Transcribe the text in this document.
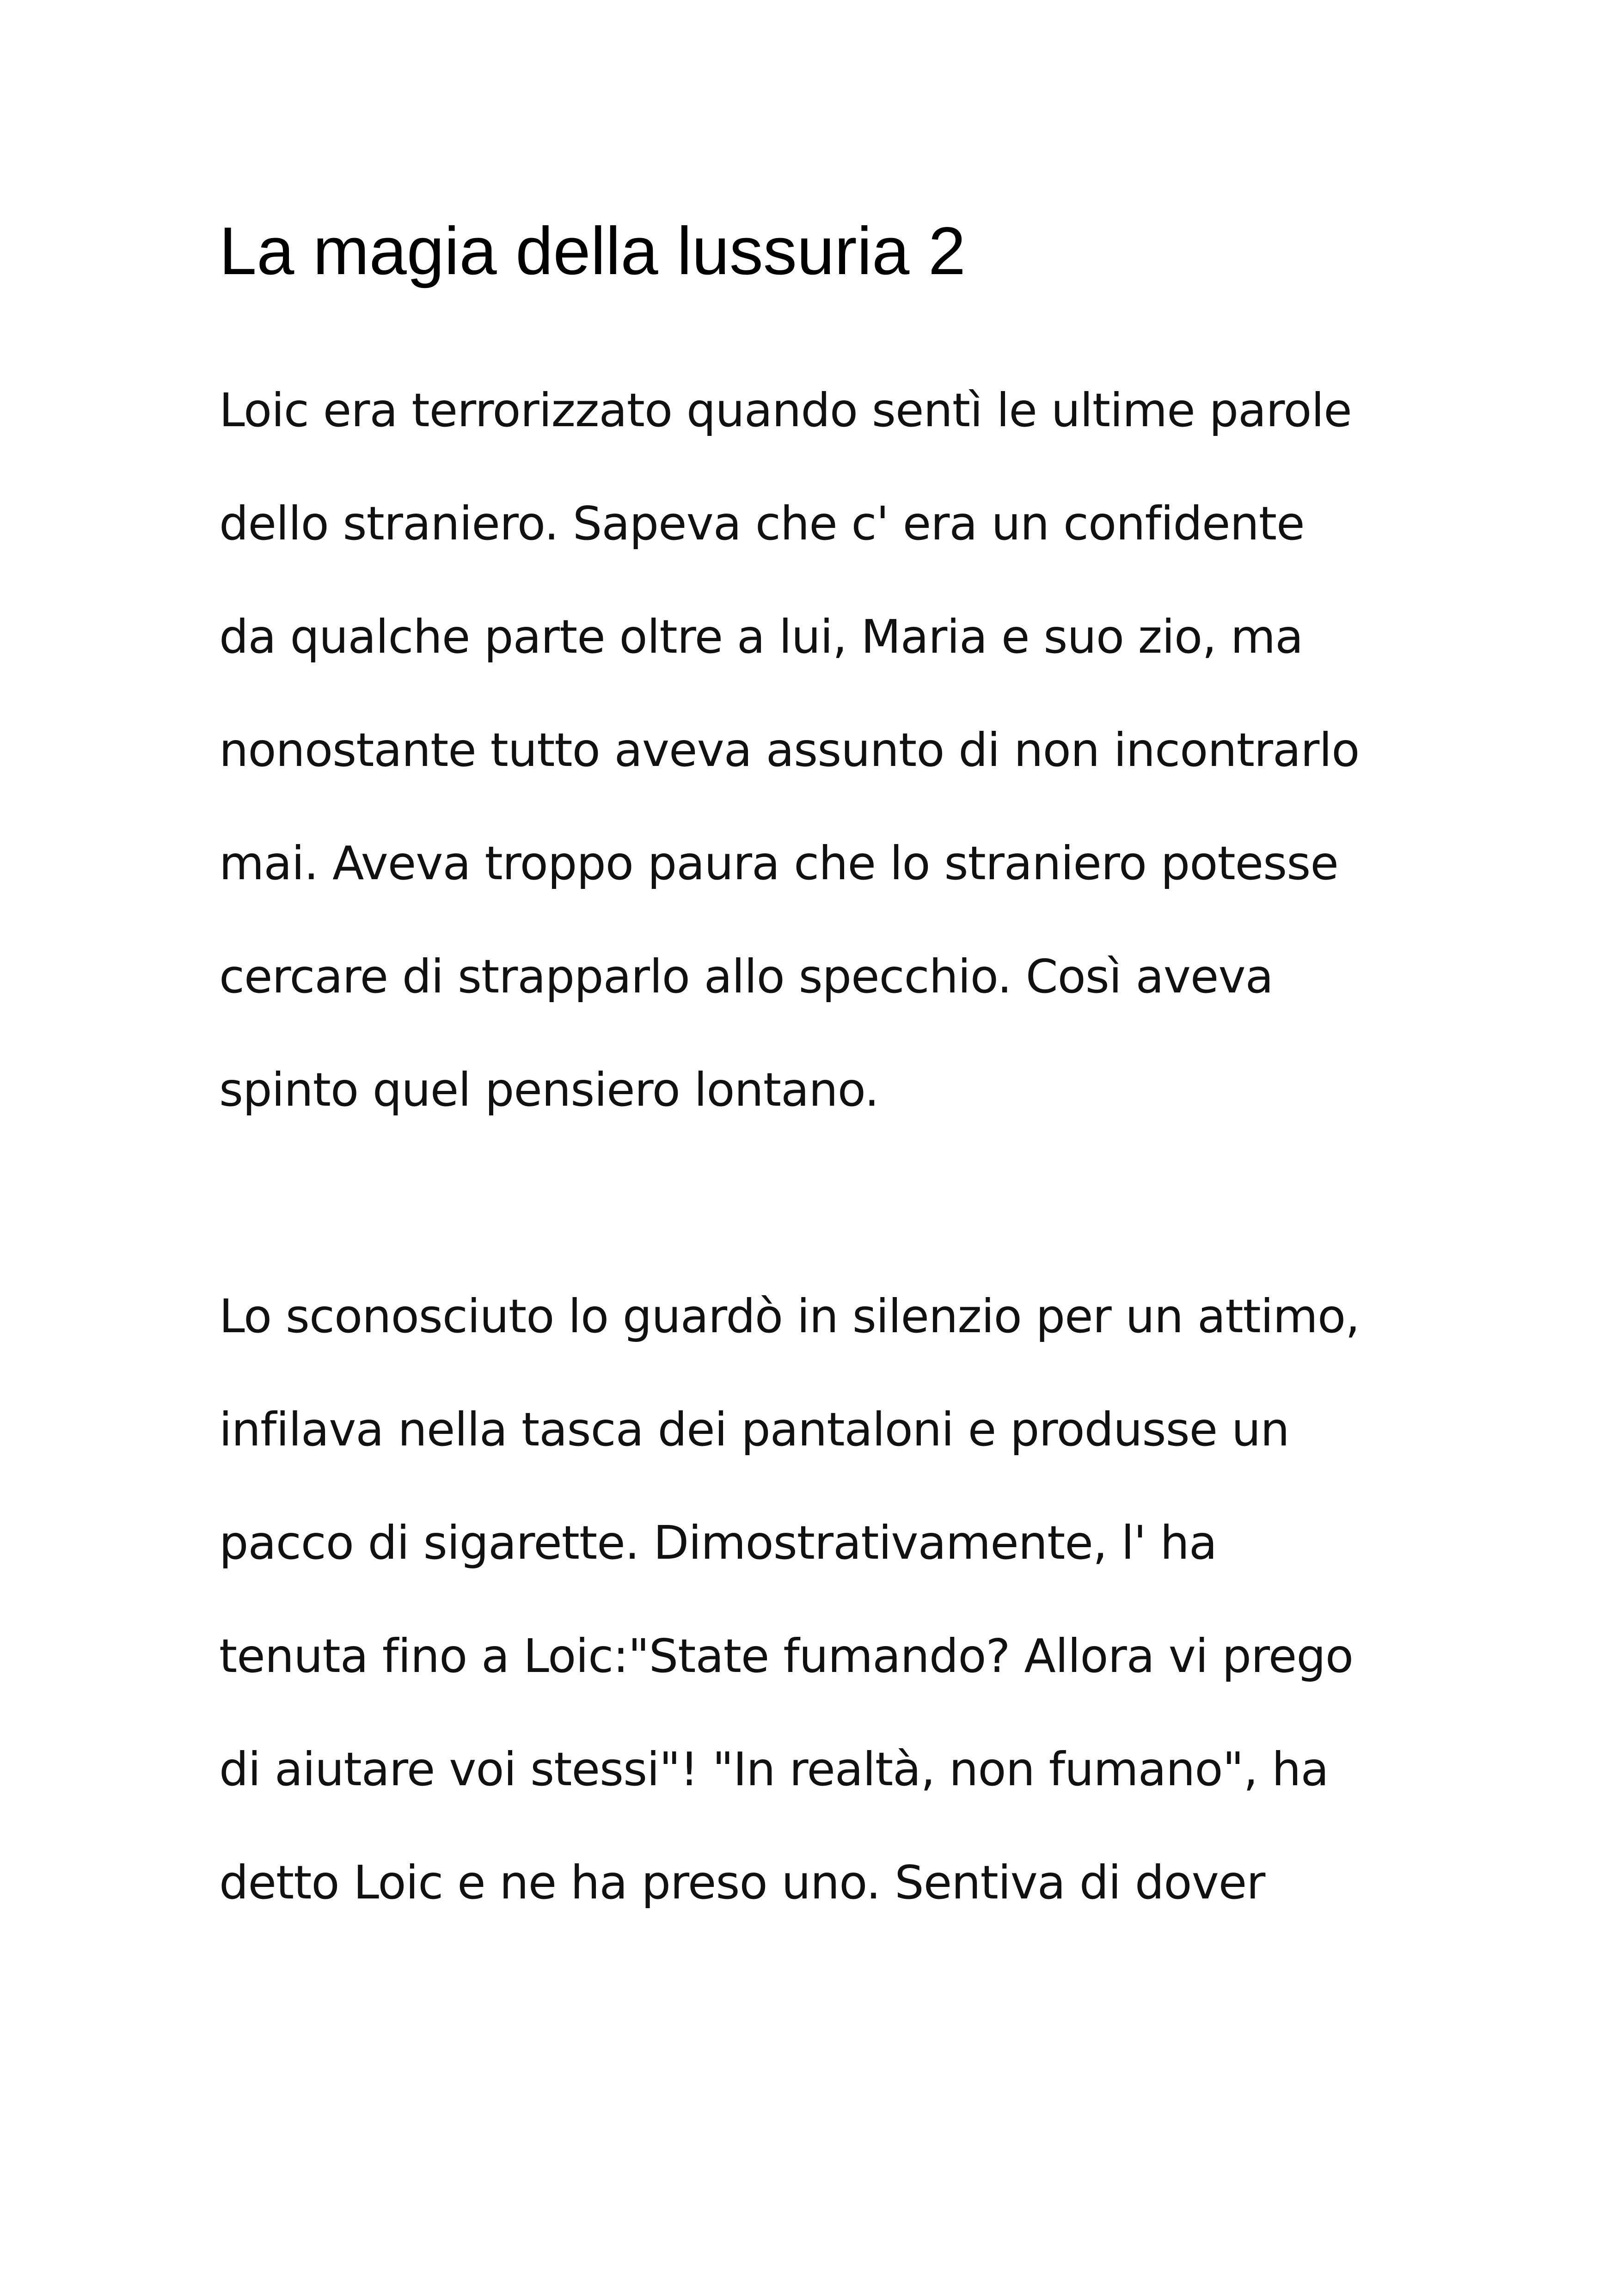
La magia della lussuria 2

Loic era terrorizzato quando sentì le ultime parole

dello straniero. Sapeva che c' era un confidente

da qualche parte oltre a lui, Maria e suo zio, ma

nonostante tutto aveva assunto di non incontrarlo

mai. Aveva troppo paura che lo straniero potesse

cercare di strapparlo allo specchio. Così aveva

spinto quel pensiero lontano.

Lo sconosciuto lo guardò in silenzio per un attimo,

infilava nella tasca dei pantaloni e produsse un

pacco di sigarette. Dimostrativamente, l' ha

tenuta fino a Loic:"State fumando? Allora vi prego

di aiutare voi stessi"! "In realtà, non fumano", ha

detto Loic e ne ha preso uno. Sentiva di dover
